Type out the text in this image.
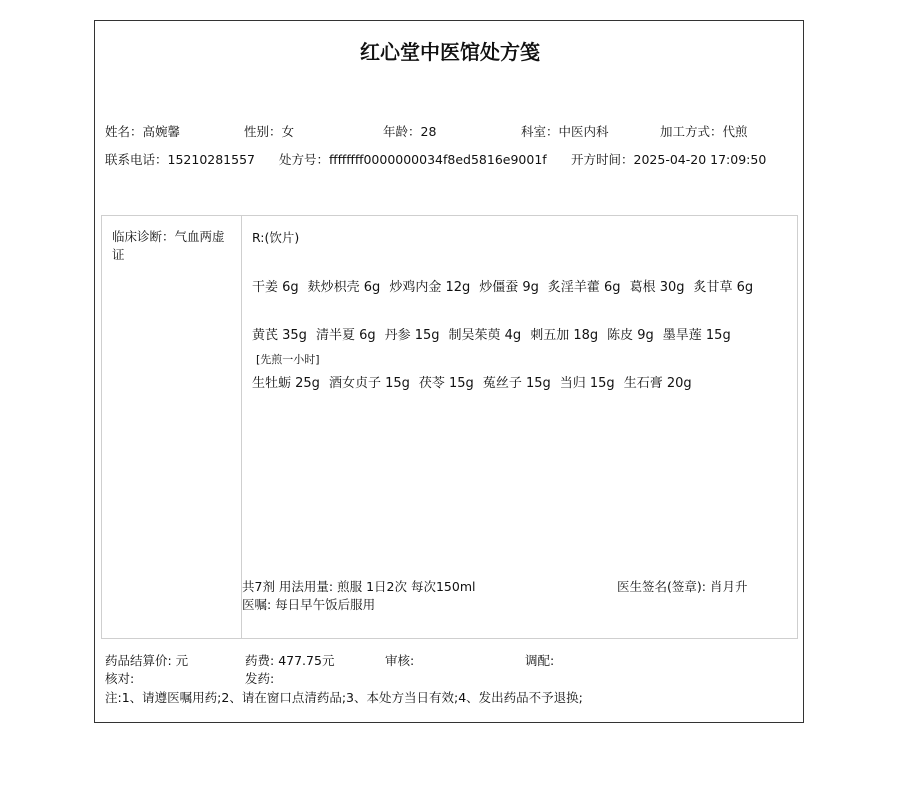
红心堂中医馆处方笺
姓名：高婉馨	性别：女	年龄：28	科室：中医内科	加工方式：代煎
联系电话：15210281557 处方号：ffffffff0000000034f8ed5816e9001f 开方时间：2025-04-20 17:09:50
临床诊断：气血两虚证
R:(饮片)
干姜 6g 麸炒枳壳 6g 炒鸡内金 12g 炒僵蚕 9g 炙淫羊藿 6g 葛根 30g 炙甘草 6g
黄芪 35g 清半夏 6g 丹参 15g 制吴茱萸 4g 刺五加 18g 陈皮 9g 墨旱莲 15g
[先煎一小时]
生牡蛎 25g 酒女贞子 15g 茯苓 15g 菟丝子 15g 当归 15g 生石膏 20g
共7剂 用法用量: 煎服 1日2次 每次150ml	医生签名(签章): 肖月升
医嘱: 每日早午饭后服用
药品结算价: 元	药费: 477.75元	审核:	调配:
核对:	发药:
注:1、请遵医嘱用药;2、请在窗口点清药品;3、本处方当日有效;4、发出药品不予退换;
